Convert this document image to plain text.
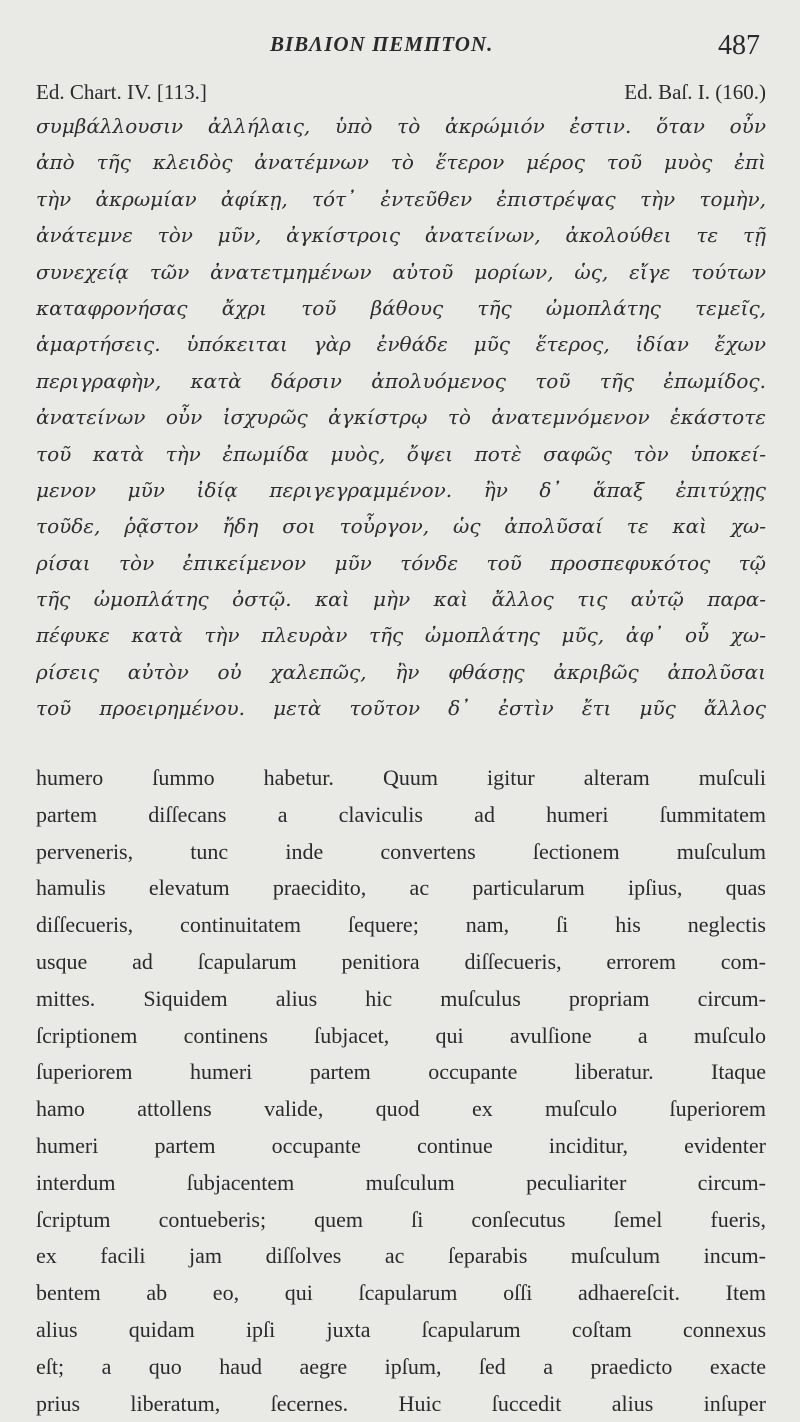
ΒΙΒΛΙΟΝ ΠΕΜΠΤΟΝ.	487
Ed. Chart. IV. [113.]	Ed. Baſ. I. (160.)
συμβάλλουσιν ἀλλήλαις, ὑπὸ τὸ ἀκρώμιόν ἐστιν. ὅταν οὖν
ἀπὸ τῆς κλειδὸς ἀνατέμνων τὸ ἕτερον μέρος τοῦ μυὸς ἐπὶ
τὴν ἀκρωμίαν ἀφίκῃ, τότ᾽ ἐντεῦθεν ἐπιστρέψας τὴν τομὴν,
ἀνάτεμνε τὸν μῦν, ἀγκίστροις ἀνατείνων, ἀκολούθει τε τῇ
συνεχείᾳ τῶν ἀνατετμημένων αὐτοῦ μορίων, ὡς, εἴγε τούτων
καταφρονήσας ἄχρι τοῦ βάθους τῆς ὠμοπλάτης τεμεῖς,
ἁμαρτήσεις. ὑπόκειται γὰρ ἐνθάδε μῦς ἕτερος, ἰδίαν ἔχων
περιγραφὴν, κατὰ δάρσιν ἀπολυόμενος τοῦ τῆς ἐπωμίδος.
ἀνατείνων οὖν ἰσχυρῶς ἀγκίστρῳ τὸ ἀνατεμνόμενον ἑκάστοτε
τοῦ κατὰ τὴν ἐπωμίδα μυὸς, ὄψει ποτὲ σαφῶς τὸν ὑποκεί-
μενον μῦν ἰδίᾳ περιγεγραμμένον. ἢν δ᾽ ἅπαξ ἐπιτύχῃς
τοῦδε, ῥᾷστον ἤδη σοι τοὖργον, ὡς ἀπολῦσαί τε καὶ χω-
ρίσαι τὸν ἐπικείμενον μῦν τόνδε τοῦ προσπεφυκότος τῷ
τῆς ὠμοπλάτης ὀστῷ. καὶ μὴν καὶ ἄλλος τις αὐτῷ παρα-
πέφυκε κατὰ τὴν πλευρὰν τῆς ὠμοπλάτης μῦς, ἀφ᾽ οὗ χω-
ρίσεις αὐτὸν οὐ χαλεπῶς, ἢν φθάσῃς ἀκριβῶς ἀπολῦσαι
τοῦ προειρημένου. μετὰ τοῦτον δ᾽ ἐστὶν ἔτι μῦς ἄλλος
humero ſummo habetur. Quum igitur alteram muſculi
partem diſſecans a claviculis ad humeri ſummitatem
perveneris, tunc inde convertens ſectionem muſculum
hamulis elevatum praecidito, ac particularum ipſius, quas
diſſecueris, continuitatem ſequere; nam, ſi his neglectis
usque ad ſcapularum penitiora diſſecueris, errorem com-
mittes. Siquidem alius hic muſculus propriam circum-
ſcriptionem continens ſubjacet, qui avulſione a muſculo
ſuperiorem humeri partem occupante liberatur. Itaque
hamo attollens valide, quod ex muſculo ſuperiorem
humeri partem occupante continue inciditur, evidenter
interdum ſubjacentem muſculum peculiariter circum-
ſcriptum contueberis; quem ſi conſecutus ſemel fueris,
ex facili jam diſſolves ac ſeparabis muſculum incum-
bentem ab eo, qui ſcapularum oſſi adhaereſcit. Item
alius quidam ipſi juxta ſcapularum coſtam connexus
eſt; a quo haud aegre ipſum, ſed a praedicto exacte
prius liberatum, ſecernes. Huic ſuccedit alius inſuper
